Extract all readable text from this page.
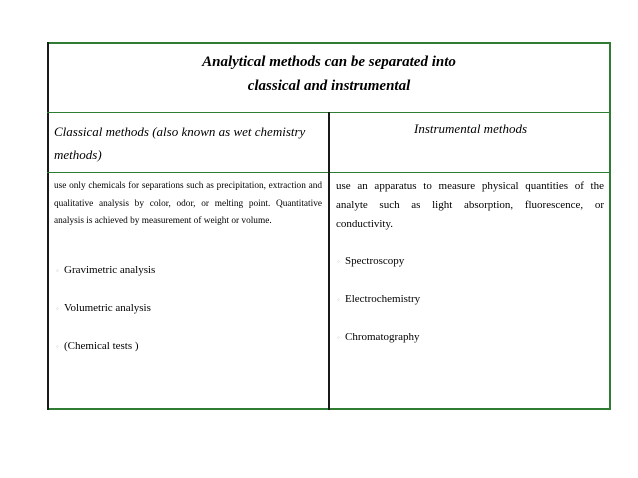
Analytical methods can be separated into
classical and instrumental
Classical methods (also known as wet chemistry methods)
Instrumental methods
use only chemicals for separations such as precipitation, extraction and qualitative analysis by color, odor, or melting point. Quantitative analysis is achieved by measurement of weight or volume.
use an apparatus to measure physical quantities of the analyte such as light absorption, fluorescence, or conductivity.
◦ Gravimetric analysis
◦ Volumetric analysis
◦ (Chemical tests )
◦ Spectroscopy
◦ Electrochemistry
◦ Chromatography
